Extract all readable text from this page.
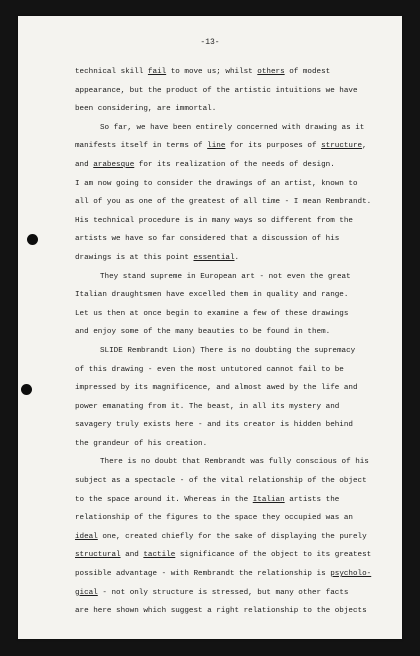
-13-
technical skill fail to move us; whilst others of modest
appearance, but the product of the artistic intuitions we have
been considering, are immortal.
So far, we have been entirely concerned with drawing as it
manifests itself in terms of line for its purposes of structure,
and arabesque for its realization of the needs of design.
I am now going to consider the drawings of an artist, known to
all of you as one of the greatest of all time - I mean Rembrandt.
His technical procedure is in many ways so different from the
artists we have so far considered that a discussion of his
drawings is at this point essential.
They stand supreme in European art - not even the great
Italian draughtsmen have excelled them in quality and range.
Let us then at once begin to examine a few of these drawings
and enjoy some of the many beauties to be found in them.
SLIDE Rembrandt Lion) There is no doubting the supremacy
of this drawing - even the most untutored cannot fail to be
impressed by its magnificence, and almost awed by the life and
power emanating from it. The beast, in all its mystery and
savagery truly exists here - and its creator is hidden behind
the grandeur of his creation.
There is no doubt that Rembrandt was fully conscious of his
subject as a spectacle - of the vital relationship of the object
to the space around it. Whereas in the Italian artists the
relationship of the figures to the space they occupied was an
ideal one, created chiefly for the sake of displaying the purely
structural and tactile significance of the object to its greatest
possible advantage - with Rembrandt the relationship is psycholo-
gical - not only structure is stressed, but many other facts
are here shown which suggest a right relationship to the objects
